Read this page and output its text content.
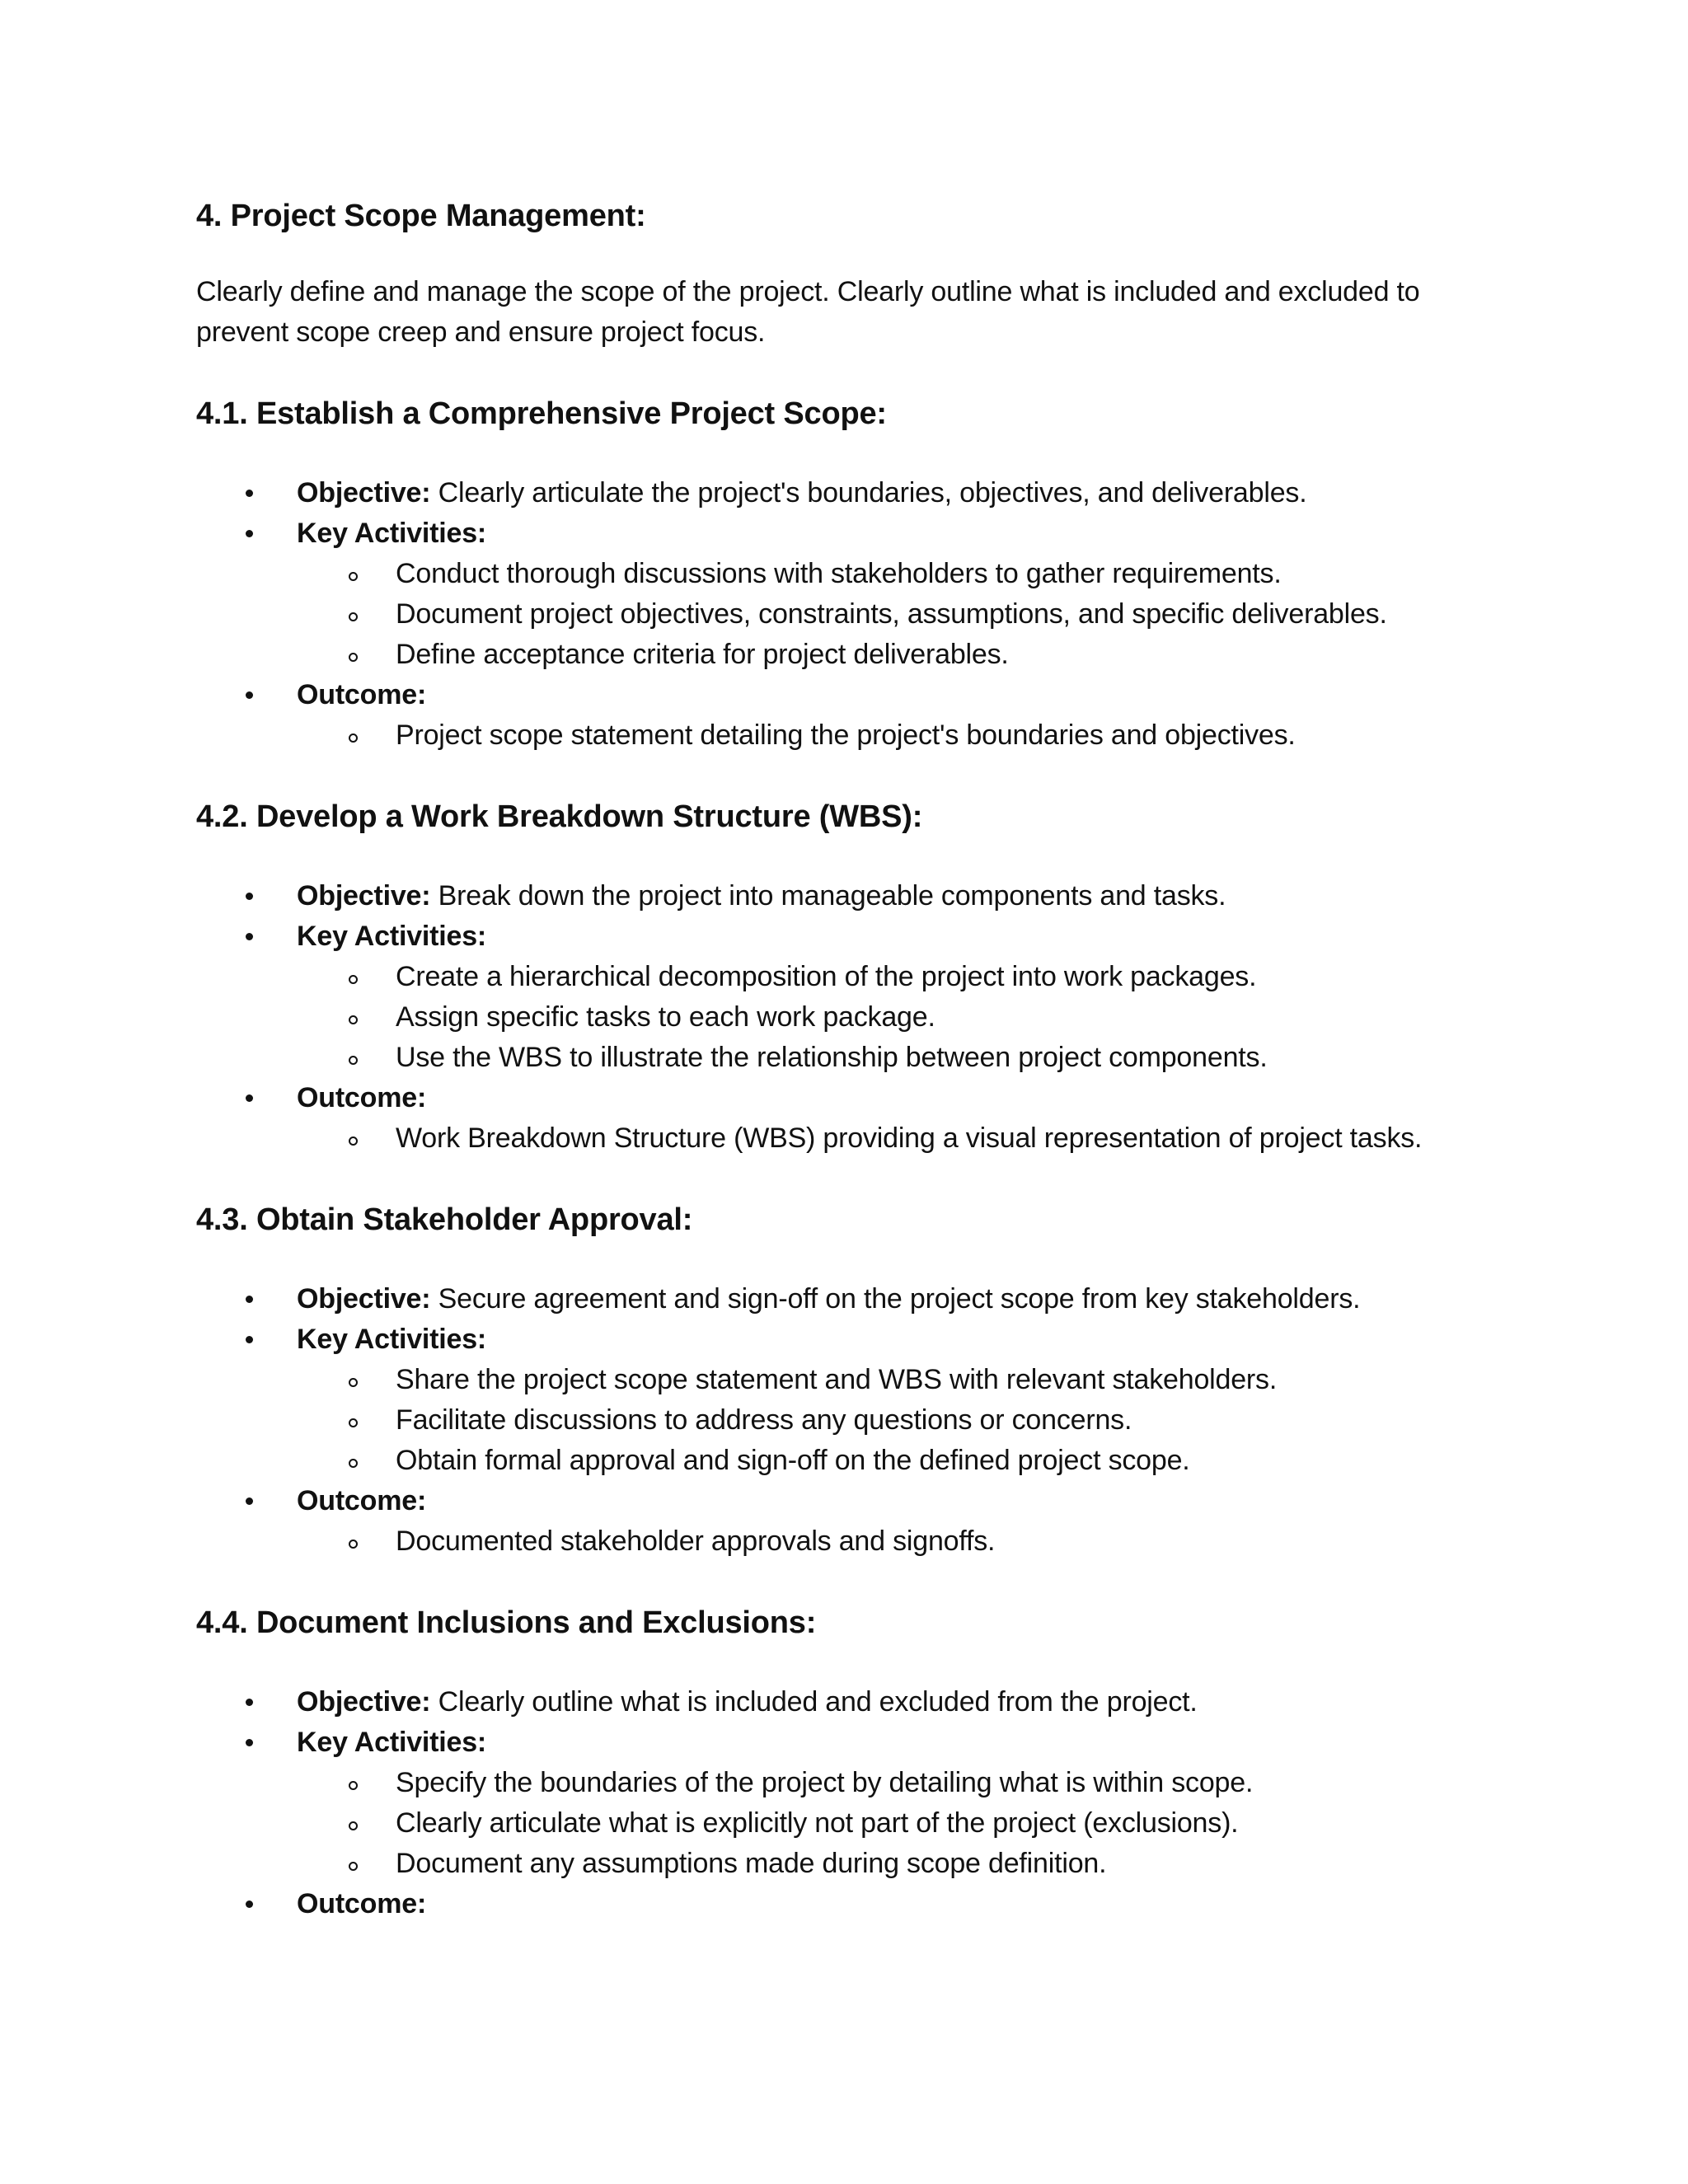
4. Project Scope Management:

Clearly define and manage the scope of the project. Clearly outline what is included and excluded to prevent scope creep and ensure project focus.

4.1. Establish a Comprehensive Project Scope:
Objective: Clearly articulate the project's boundaries, objectives, and deliverables.
Key Activities:
Conduct thorough discussions with stakeholders to gather requirements.
Document project objectives, constraints, assumptions, and specific deliverables.
Define acceptance criteria for project deliverables.
Outcome:
Project scope statement detailing the project's boundaries and objectives.
4.2. Develop a Work Breakdown Structure (WBS):
Objective: Break down the project into manageable components and tasks.
Key Activities:
Create a hierarchical decomposition of the project into work packages.
Assign specific tasks to each work package.
Use the WBS to illustrate the relationship between project components.
Outcome:
Work Breakdown Structure (WBS) providing a visual representation of project tasks.
4.3. Obtain Stakeholder Approval:
Objective: Secure agreement and sign-off on the project scope from key stakeholders.
Key Activities:
Share the project scope statement and WBS with relevant stakeholders.
Facilitate discussions to address any questions or concerns.
Obtain formal approval and sign-off on the defined project scope.
Outcome:
Documented stakeholder approvals and signoffs.
4.4. Document Inclusions and Exclusions:
Objective: Clearly outline what is included and excluded from the project.
Key Activities:
Specify the boundaries of the project by detailing what is within scope.
Clearly articulate what is explicitly not part of the project (exclusions).
Document any assumptions made during scope definition.
Outcome:
